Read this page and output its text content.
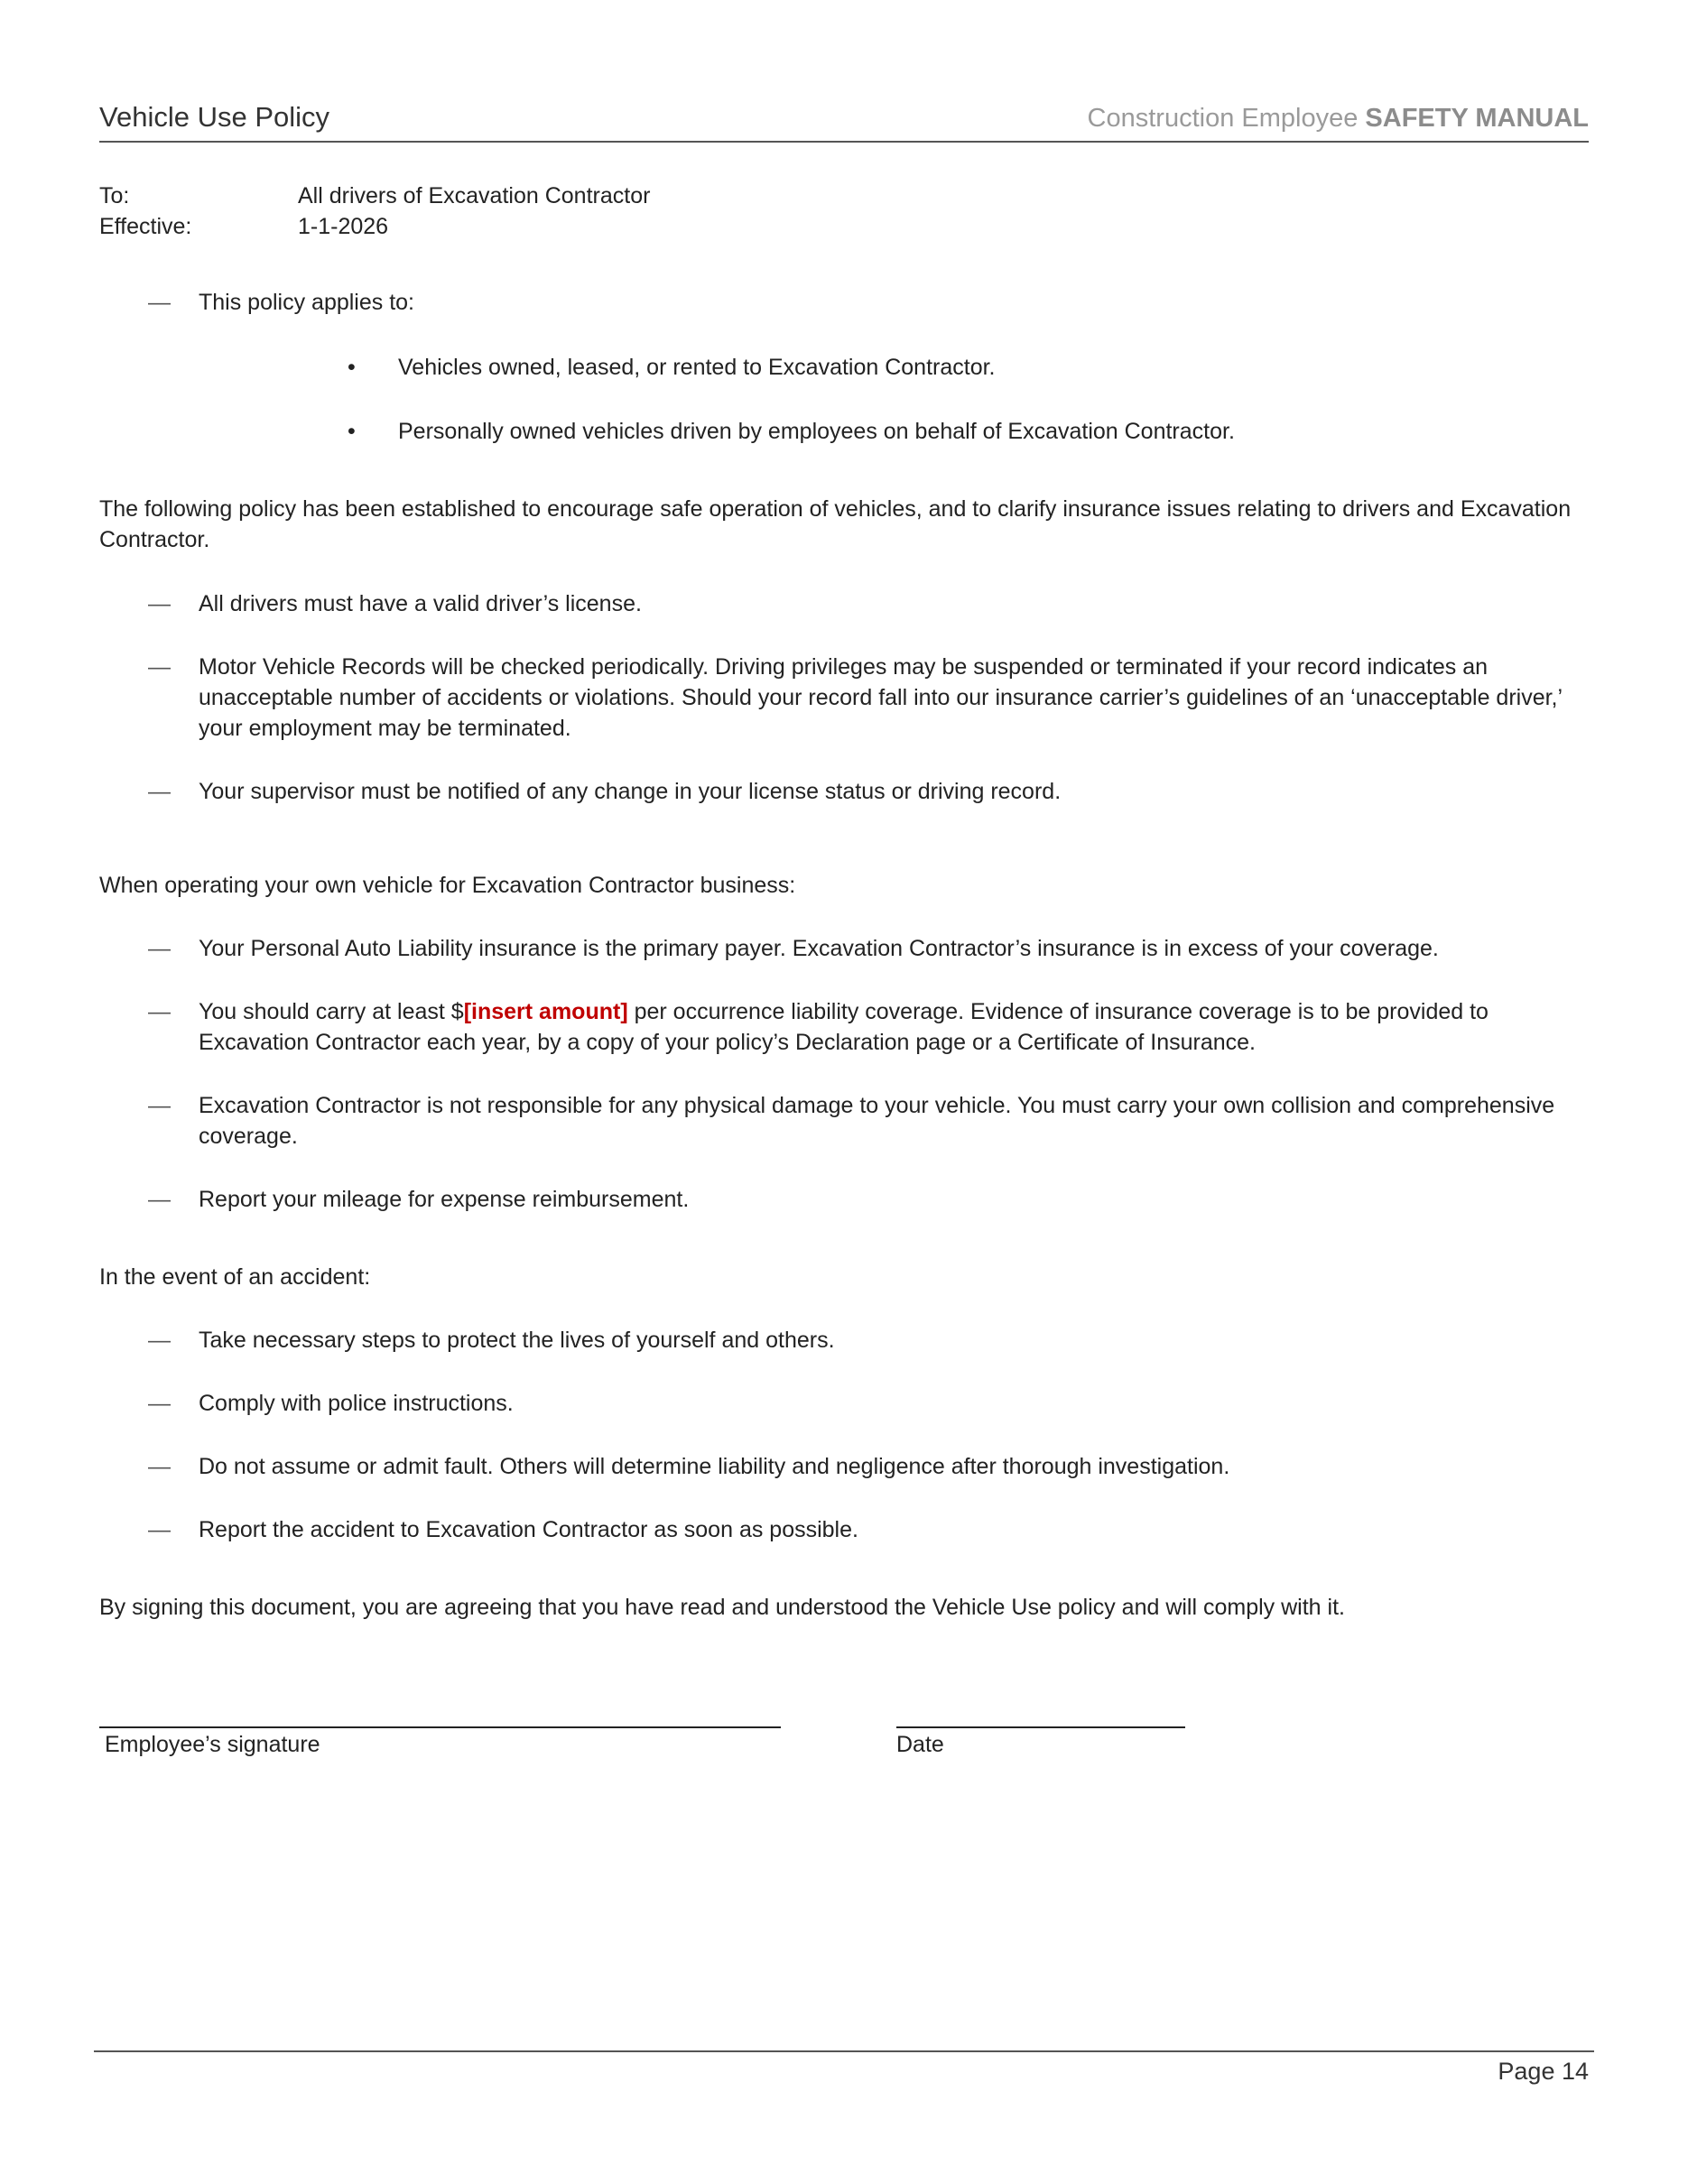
Vehicle Use Policy	Construction Employee SAFETY MANUAL
To:	All drivers of Excavation Contractor
Effective:	1-1-2026
— This policy applies to:
• Vehicles owned, leased, or rented to Excavation Contractor.
• Personally owned vehicles driven by employees on behalf of Excavation Contractor.

The following policy has been established to encourage safe operation of vehicles, and to clarify insurance issues relating to drivers and Excavation Contractor.

— All drivers must have a valid driver’s license.
— Motor Vehicle Records will be checked periodically. Driving privileges may be suspended or terminated if your record indicates an unacceptable number of accidents or violations. Should your record fall into our insurance carrier’s guidelines of an ‘unacceptable driver,’ your employment may be terminated.
— Your supervisor must be notified of any change in your license status or driving record.

When operating your own vehicle for Excavation Contractor business:

— Your Personal Auto Liability insurance is the primary payer. Excavation Contractor’s insurance is in excess of your coverage.
— You should carry at least $[insert amount] per occurrence liability coverage. Evidence of insurance coverage is to be provided to Excavation Contractor each year, by a copy of your policy’s Declaration page or a Certificate of Insurance.
— Excavation Contractor is not responsible for any physical damage to your vehicle. You must carry your own collision and comprehensive coverage.
— Report your mileage for expense reimbursement.

In the event of an accident:

— Take necessary steps to protect the lives of yourself and others.
— Comply with police instructions.
— Do not assume or admit fault. Others will determine liability and negligence after thorough investigation.
— Report the accident to Excavation Contractor as soon as possible.

By signing this document, you are agreeing that you have read and understood the Vehicle Use policy and will comply with it.

Employee’s signature	Date
Page 14
